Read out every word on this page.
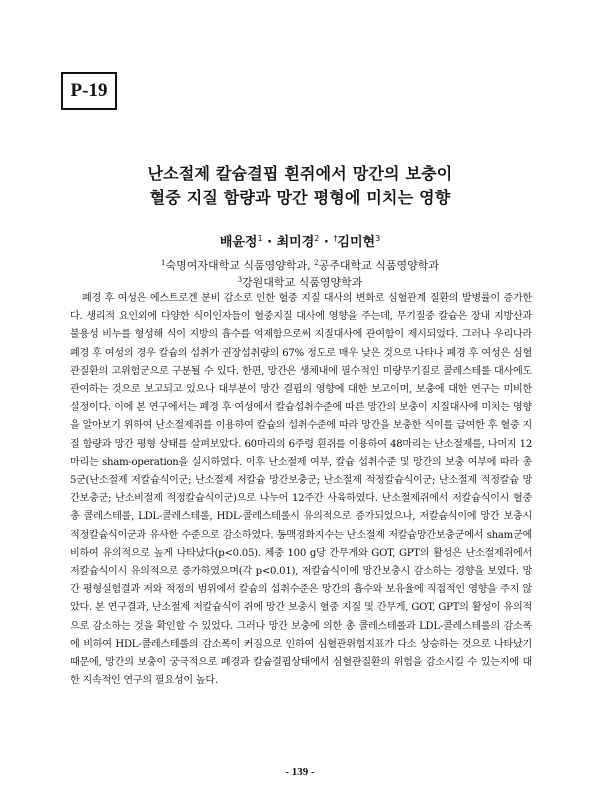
P-19
난소절제 칼슘결핍 흰쥐에서 망간의 보충이
혈중 지질 함량과 망간 평형에 미치는 영향
배윤정$^1$ · 최미경$^2$ · †김미현$^3$
$^1$숙명여자대학교 식품영양학과, $^2$공주대학교 식품영양학과
$^3$강원대학교 식품영양학과
폐경 후 여성은 에스트로겐 분비 감소로 인한 혈중 지질 대사의 변화로 심혈관계 질환의 발병률이 증가한다. 생리적 요인외에 다양한 식이인자들이 혈중지질 대사에 영향을 주는데, 무기질중 칼슘은 장내 지방산과 불용성 비누를 형성해 식이 지방의 흡수를 억제함으로써 지질대사에 관여함이 제시되었다. 그러나 우리나라 폐경 후 여성의 경우 칼슘의 섭취가 권장섭취량의 67% 정도로 매우 낮은 것으로 나타나 폐경 후 여성은 심혈관질환의 고위험군으로 구분될 수 있다. 한편, 망간은 생체내에 필수적인 미량무기질로 콜레스테롤 대사에도 관여하는 것으로 보고되고 있으나 대부분이 망간 결핍의 영향에 대한 보고이며, 보충에 대한 연구는 미비한 실정이다. 이에 본 연구에서는 폐경 후 여성에서 칼슘섭취수준에 따른 망간의 보충이 지질대사에 미치는 영향을 알아보기 위하여 난소절제쥐를 이용하여 칼슘의 섭취수준에 따라 망간을 보충한 식이를 급여한 후 혈중 지질 함량과 망간 평형 상태를 살펴보았다. 60마리의 6주령 흰쥐를 이용하여 48마리는 난소절제를, 나머지 12마리는 sham-operation을 실시하였다. 이후 난소절제 여부, 칼슘 섭취수준 및 망간의 보충 여부에 따라 총 5군(난소절제 저칼슘식이군; 난소절제 저칼슘 망간보충군; 난소절제 적정칼슘식이군; 난소절제 적정칼슘 망간보충군; 난소비절제 적정칼슘식이군)으로 나누어 12주간 사육하였다. 난소절제쥐에서 저칼슘식이시 혈중 총 콜레스테롤, LDL-콜레스테롤, HDL-콜레스테롤시 유의적으로 증가되었으나, 저칼슘식이에 망간 보충시 적정칼슘식이군과 유사한 수준으로 감소하였다. 동맥경화지수는 난소절제 저칼슘망간보충군에서 sham군에 비하여 유의적으로 높게 나타났다(p<0.05). 체중 100 g당 간무게와 GOT, GPT의 활성은 난소절제쥐에서 저칼슘식이시 유의적으로 증가하였으며(각 p<0.01), 저칼슘식이에 망간보충시 감소하는 경향을 보였다. 망간 평형실험결과 저와 적정의 범위에서 칼슘의 섭취수준은 망간의 흡수와 보유율에 직접적인 영향을 주지 않았다. 본 연구결과, 난소절제 저칼슘식이 쥐에 망간 보충시 혈중 지질 및 간무게, GOT, GPT의 활성이 유의적으로 감소하는 것을 확인할 수 있었다. 그러나 망간 보충에 의한 총 콜레스테롤과 LDL-콜레스테롤의 감소폭에 비하여 HDL-콜레스테롤의 감소폭이 커짐으로 인하여 심혈관위험지표가 다소 상승하는 것으로 나타났기 때문에, 망간의 보충이 궁극적으로 폐경과 칼슘결핍상태에서 심혈관질환의 위험을 감소시킬 수 있는지에 대한 지속적인 연구의 필요성이 높다.
- 139 -
